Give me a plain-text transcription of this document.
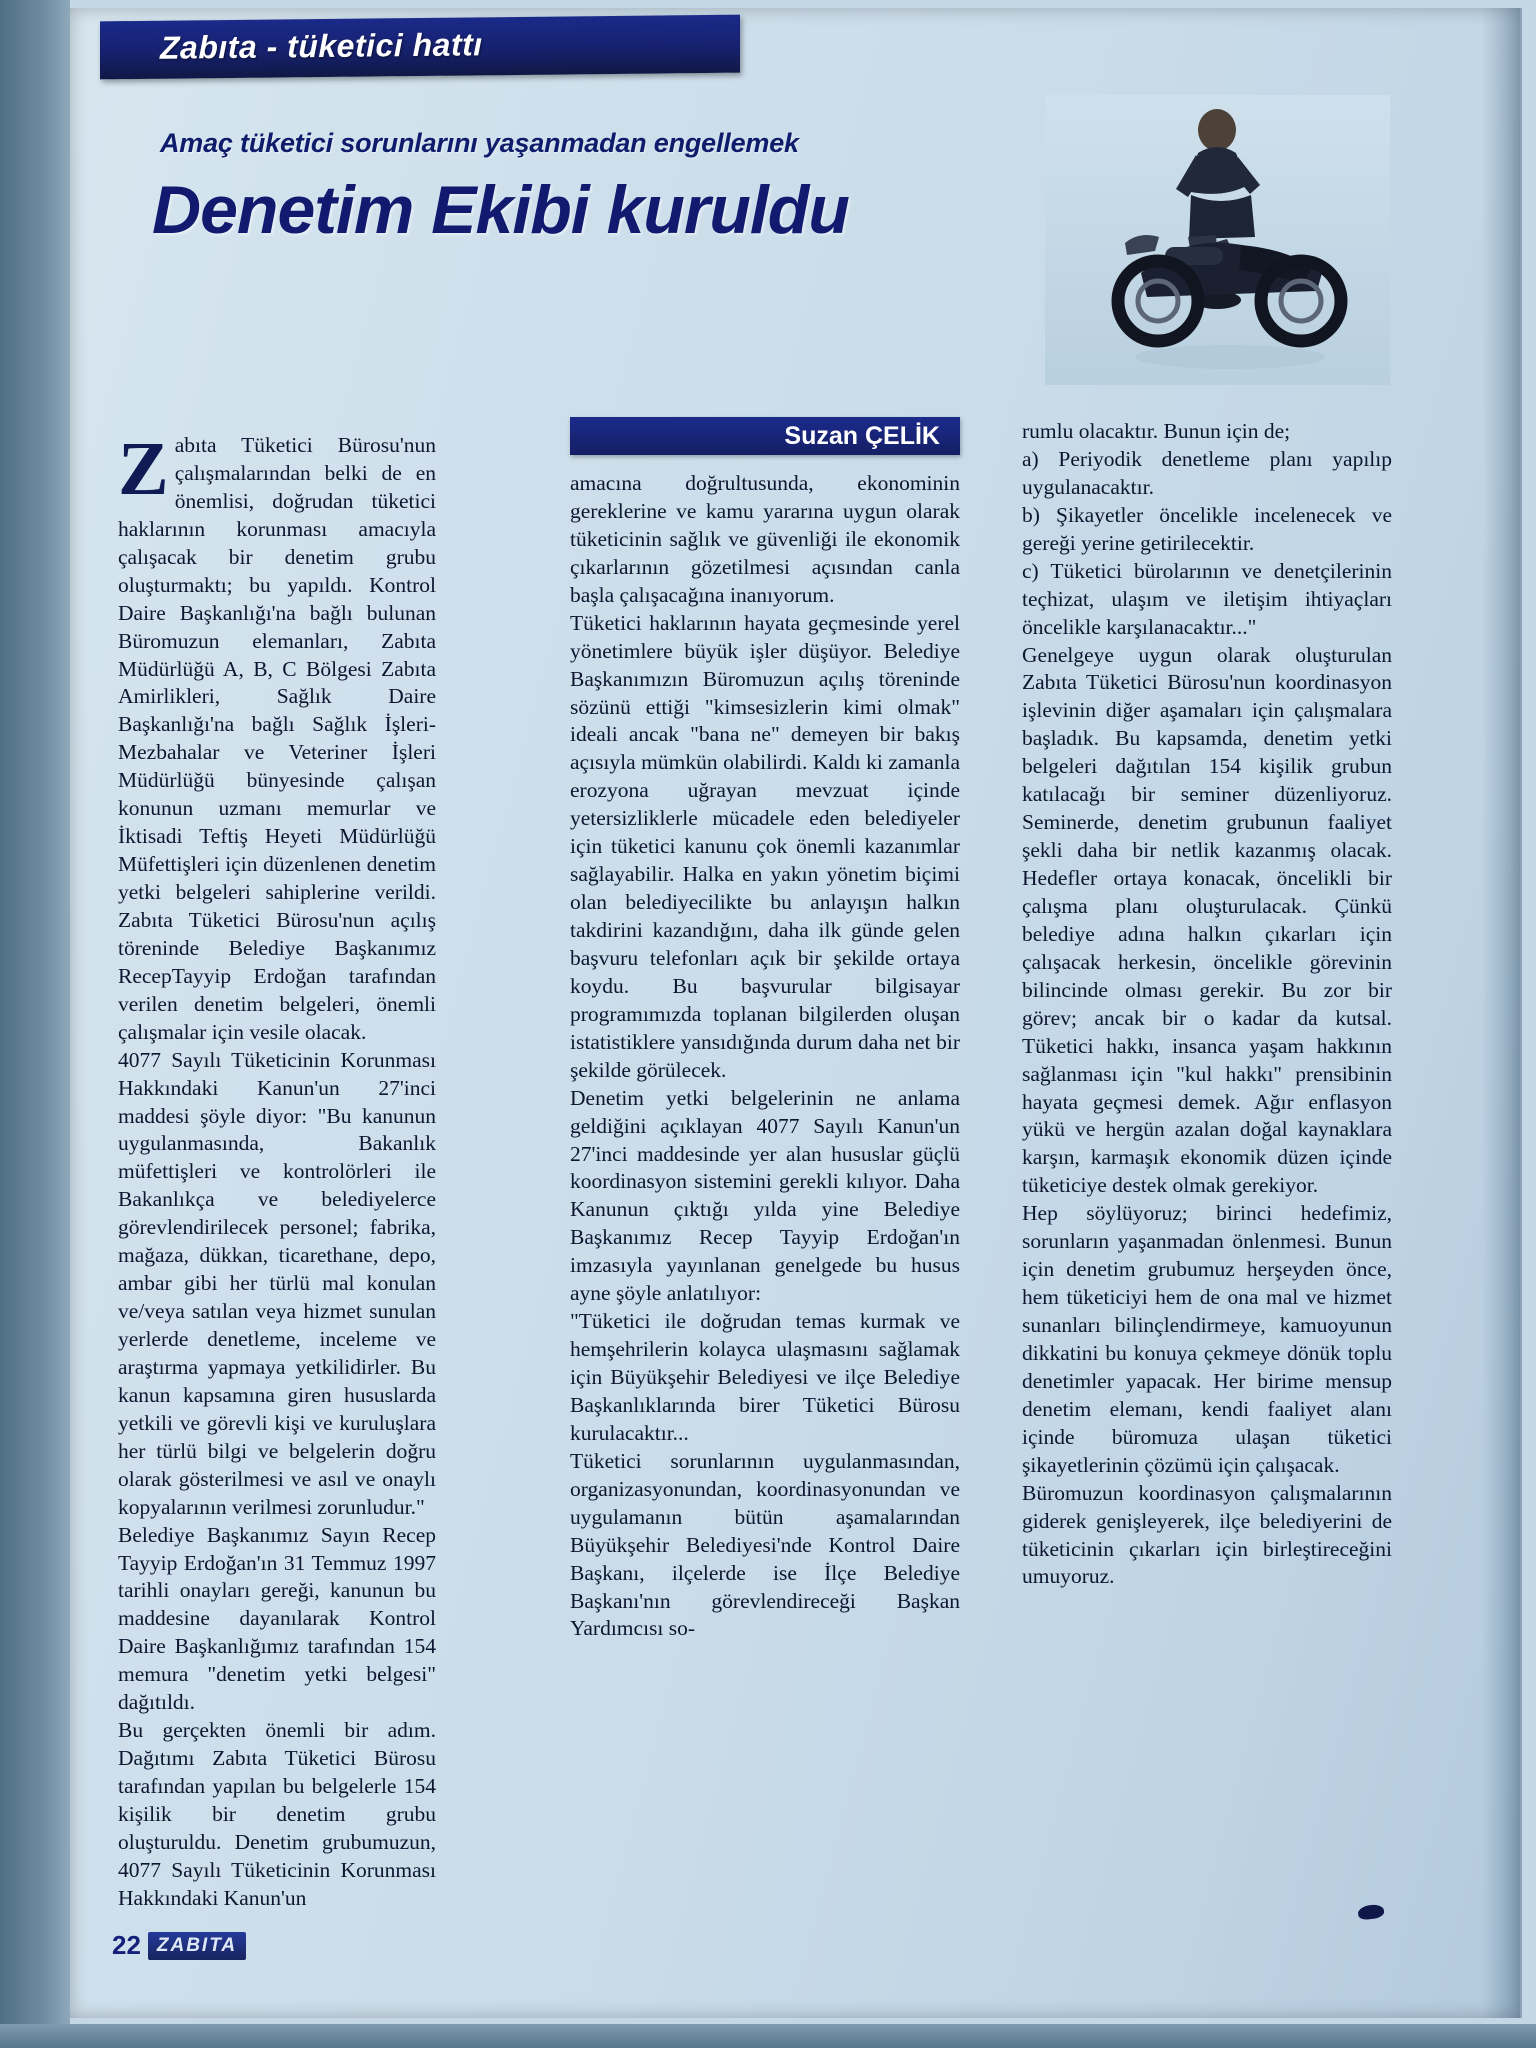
Zabıta - tüketici hattı
Amaç tüketici sorunlarını yaşanmadan engellemek
Denetim Ekibi kuruldu
Suzan ÇELİK

Zabıta Tüketici Bürosu'nun çalışmalarından belki de en önemlisi, doğrudan tüketici haklarının korunması amacıyla çalışacak bir denetim grubu oluşturmaktı; bu yapıldı. Kontrol Daire Başkanlığı'na bağlı bulunan Büromuzun elemanları, Zabıta Müdürlüğü A, B, C Bölgesi Zabıta Amirlikleri, Sağlık Daire Başkanlığı'na bağlı Sağlık İşleri-Mezbahalar ve Veteriner İşleri Müdürlüğü bünyesinde çalışan konunun uzmanı memurlar ve İktisadi Teftiş Heyeti Müdürlüğü Müfettişleri için düzenlenen denetim yetki belgeleri sahiplerine verildi. Zabıta Tüketici Bürosu'nun açılış töreninde Belediye Başkanımız RecepTayyip Erdoğan tarafından verilen denetim belgeleri, önemli çalışmalar için vesile olacak.

4077 Sayılı Tüketicinin Korunması Hakkındaki Kanun'un 27'inci maddesi şöyle diyor: "Bu kanunun uygulanmasında, Bakanlık müfettişleri ve kontrolörleri ile Bakanlıkça ve belediyelerce görevlendirilecek personel; fabrika, mağaza, dükkan, ticarethane, depo, ambar gibi her türlü mal konulan ve/veya satılan veya hizmet sunulan yerlerde denetleme, inceleme ve araştırma yapmaya yetkilidirler. Bu kanun kapsamına giren hususlarda yetkili ve görevli kişi ve kuruluşlara her türlü bilgi ve belgelerin doğru olarak gösterilmesi ve asıl ve onaylı kopyalarının verilmesi zorunludur."

Belediye Başkanımız Sayın Recep Tayyip Erdoğan'ın 31 Temmuz 1997 tarihli onayları gereği, kanunun bu maddesine dayanılarak Kontrol Daire Başkanlığımız tarafından 154 memura "denetim yetki belgesi" dağıtıldı.

Bu gerçekten önemli bir adım. Dağıtımı Zabıta Tüketici Bürosu tarafından yapılan bu belgelerle 154 kişilik bir denetim grubu oluşturuldu. Denetim grubumuzun, 4077 Sayılı Tüketicinin Korunması Hakkındaki Kanun'un

amacına doğrultusunda, ekonominin gereklerine ve kamu yararına uygun olarak tüketicinin sağlık ve güvenliği ile ekonomik çıkarlarının gözetilmesi açısından canla başla çalışacağına inanıyorum.

Tüketici haklarının hayata geçmesinde yerel yönetimlere büyük işler düşüyor. Belediye Başkanımızın Büromuzun açılış töreninde sözünü ettiği "kimsesizlerin kimi olmak" ideali ancak "bana ne" demeyen bir bakış açısıyla mümkün olabilirdi. Kaldı ki zamanla erozyona uğrayan mevzuat içinde yetersizliklerle mücadele eden belediyeler için tüketici kanunu çok önemli kazanımlar sağlayabilir. Halka en yakın yönetim biçimi olan belediyecilikte bu anlayışın halkın takdirini kazandığını, daha ilk günde gelen başvuru telefonları açık bir şekilde ortaya koydu. Bu başvurular bilgisayar programımızda toplanan bilgilerden oluşan istatistiklere yansıdığında durum daha net bir şekilde görülecek.

Denetim yetki belgelerinin ne anlama geldiğini açıklayan 4077 Sayılı Kanun'un 27'inci maddesinde yer alan hususlar güçlü koordinasyon sistemini gerekli kılıyor. Daha Kanunun çıktığı yılda yine Belediye Başkanımız Recep Tayyip Erdoğan'ın imzasıyla yayınlanan genelgede bu husus ayne şöyle anlatılıyor:

"Tüketici ile doğrudan temas kurmak ve hemşehrilerin kolayca ulaşmasını sağlamak için Büyükşehir Belediyesi ve ilçe Belediye Başkanlıklarında birer Tüketici Bürosu kurulacaktır...

Tüketici sorunlarının uygulanmasından, organizasyonundan, koordinasyonundan ve uygulamanın bütün aşamalarından Büyükşehir Belediyesi'nde Kontrol Daire Başkanı, ilçelerde ise İlçe Belediye Başkanı'nın görevlendireceği Başkan Yardımcısı so-

rumlu olacaktır. Bunun için de;

a) Periyodik denetleme planı yapılıp uygulanacaktır.

b) Şikayetler öncelikle incelenecek ve gereği yerine getirilecektir.

c) Tüketici bürolarının ve denetçilerinin teçhizat, ulaşım ve iletişim ihtiyaçları öncelikle karşılanacaktır..."

Genelgeye uygun olarak oluşturulan Zabıta Tüketici Bürosu'nun koordinasyon işlevinin diğer aşamaları için çalışmalara başladık. Bu kapsamda, denetim yetki belgeleri dağıtılan 154 kişilik grubun katılacağı bir seminer düzenliyoruz. Seminerde, denetim grubunun faaliyet şekli daha bir netlik kazanmış olacak. Hedefler ortaya konacak, öncelikli bir çalışma planı oluşturulacak. Çünkü belediye adına halkın çıkarları için çalışacak herkesin, öncelikle görevinin bilincinde olması gerekir. Bu zor bir görev; ancak bir o kadar da kutsal. Tüketici hakkı, insanca yaşam hakkının sağlanması için "kul hakkı" prensibinin hayata geçmesi demek. Ağır enflasyon yükü ve hergün azalan doğal kaynaklara karşın, karmaşık ekonomik düzen içinde tüketiciye destek olmak gerekiyor.

Hep söylüyoruz; birinci hedefimiz, sorunların yaşanmadan önlenmesi. Bunun için denetim grubumuz herşeyden önce, hem tüketiciyi hem de ona mal ve hizmet sunanları bilinçlendirmeye, kamuoyunun dikkatini bu konuya çekmeye dönük toplu denetimler yapacak. Her birime mensup denetim elemanı, kendi faaliyet alanı içinde büromuza ulaşan tüketici şikayetlerinin çözümü için çalışacak.

Büromuzun koordinasyon çalışmalarının giderek genişleyerek, ilçe belediyerini de tüketicinin çıkarları için birleştireceğini umuyoruz.

22 ZABITA
